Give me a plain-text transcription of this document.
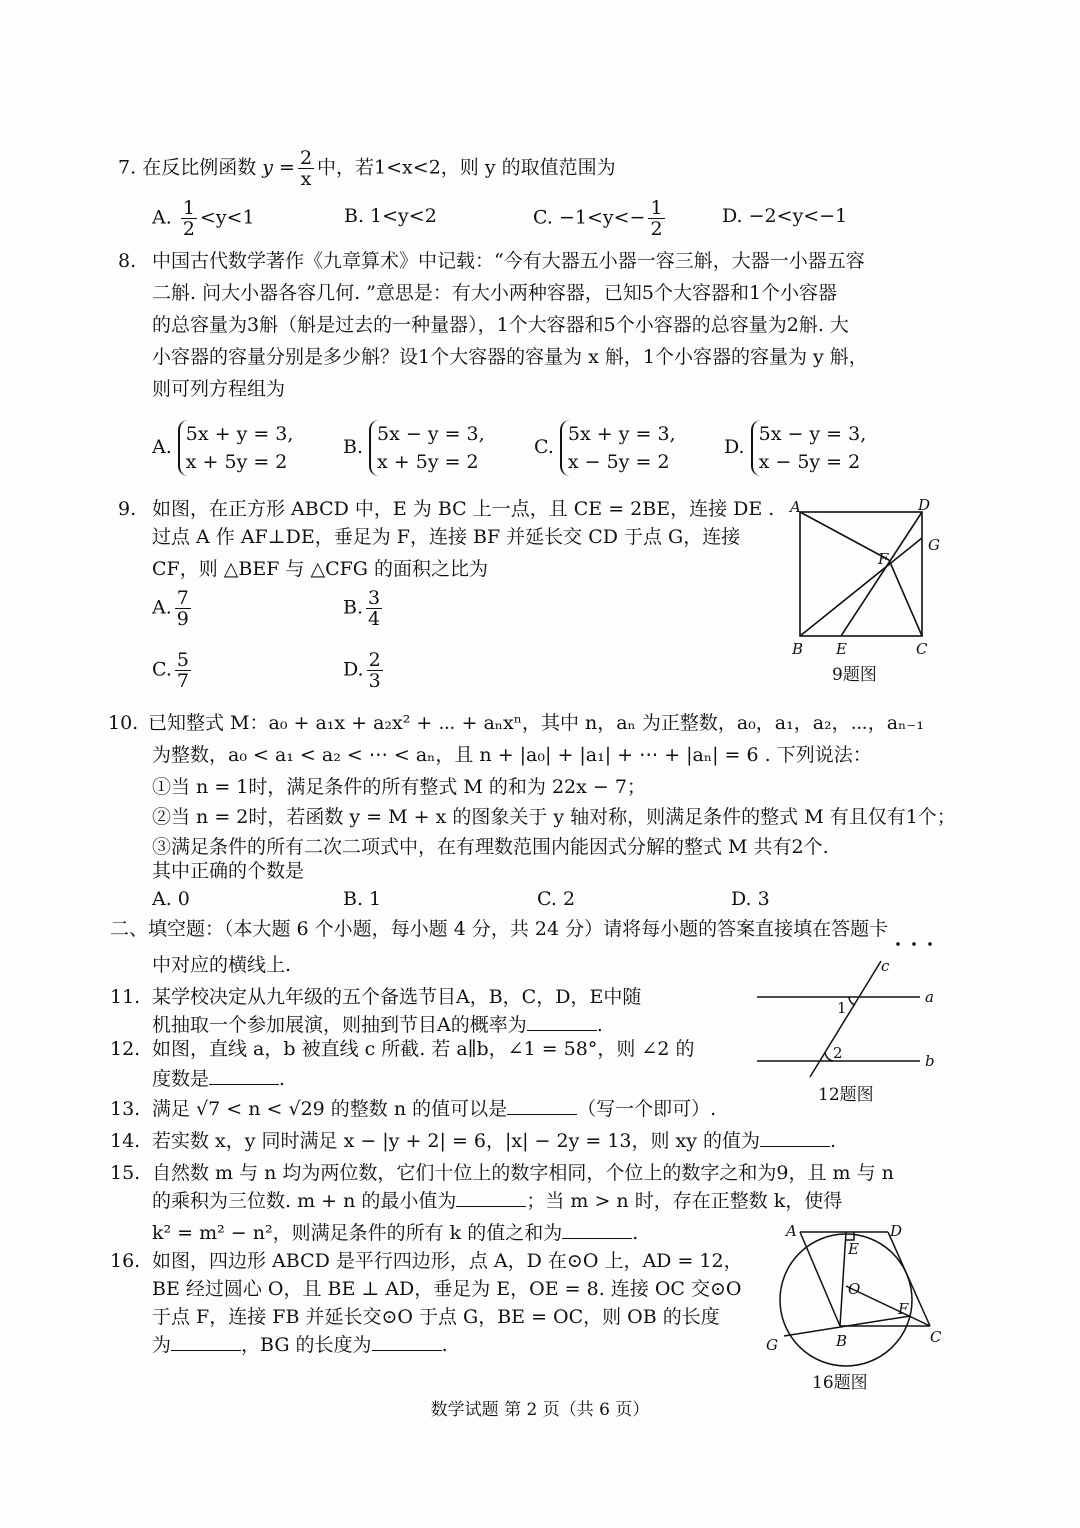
7. 在反比例函数 $y = \frac{2}{x}$ 中，若1<x<2，则 y 的取值范围为
A. $\frac{1}{2} <y<1$	B. 1<y<2	C. $-1<y<- \frac{1}{2}$	D. −2<y<−1
8. 中国古代数学著作《九章算术》中记载：“今有大器五小器一容三斛，大器一小器五容
二斛. 问大小器各容几何. ”意思是：有大小两种容器，已知5个大容器和1个小容器
的总容量为3斛（斛是过去的一种量器），1个大容器和5个小容器的总容量为2斛. 大
小容器的容量分别是多少斛？设1个大容器的容量为 x 斛，1个小容器的容量为 y 斛，
则可列方程组为
A.
5x + y = 3,
x + 5y = 2
B.
5x − y = 3,
x + 5y = 2
C.
5x + y = 3,
x − 5y = 2
D.
5x − y = 3,
x − 5y = 2
9. 如图，在正方形 ABCD 中，E 为 BC 上一点，且 CE = 2BE，连接 DE .
过点 A 作 AF⊥DE，垂足为 F，连接 BF 并延长交 CD 于点 G，连接
CF，则 △BEF 与 △CFG 的面积之比为
A. $\frac{7}{9}$	B. $\frac{3}{4}$
C. $\frac{5}{7}$	D. $\frac{2}{3}$
A	D
G
F
B E	C
9题图
10. 已知整式 M：a₀ + a₁x + a₂x² + ⋯ + aₙxⁿ，其中 n，aₙ 为正整数，a₀，a₁，a₂，⋯，aₙ₋₁
为整数，a₀ < a₁ < a₂ < ⋯ < aₙ，且 n + |a₀| + |a₁| + ⋯ + |aₙ| = 6 . 下列说法：
①当 n = 1时，满足条件的所有整式 M 的和为 22x − 7；
②当 n = 2时，若函数 y = M + x 的图象关于 y 轴对称，则满足条件的整式 M 有且仅有1个；
③满足条件的所有二次二项式中，在有理数范围内能因式分解的整式 M 共有2个.
其中正确的个数是
A. 0	B. 1	C. 2	D. 3
二、填空题：（本大题 6 个小题，每小题 4 分，共 24 分）请将每小题的答案直接填在答题卡
中对应的横线上.
11. 某学校决定从九年级的五个备选节目A，B，C，D，E中随
机抽取一个参加展演，则抽到节目A的概率为	.
12. 如图，直线 a，b 被直线 c 所截. 若 a∥b，∠1 = 58°，则 ∠2 的
度数是	.
c
a
b
1
2
12题图
13. 满足 √7 < n < √29 的整数 n 的值可以是	（写一个即可）.
14. 若实数 x，y 同时满足 x − |y + 2| = 6，|x| − 2y = 13，则 xy 的值为	.
15. 自然数 m 与 n 均为两位数，它们十位上的数字相同，个位上的数字之和为9，且 m 与 n
的乘积为三位数. m + n 的最小值为	；当 m > n 时，存在正整数 k，使得
k² = m² − n²，则满足条件的所有 k 的值之和为	.
16. 如图，四边形 ABCD 是平行四边形，点 A，D 在⊙O 上，AD = 12，
BE 经过圆心 O，且 BE ⊥ AD，垂足为 E，OE = 8. 连接 OC 交⊙O
于点 F，连接 FB 并延长交⊙O 于点 G，BE = OC，则 OB 的长度
为	，BG 的长度为	.
A	D
E
O
F
C
B
G
16题图
数学试题 第 2 页（共 6 页）
